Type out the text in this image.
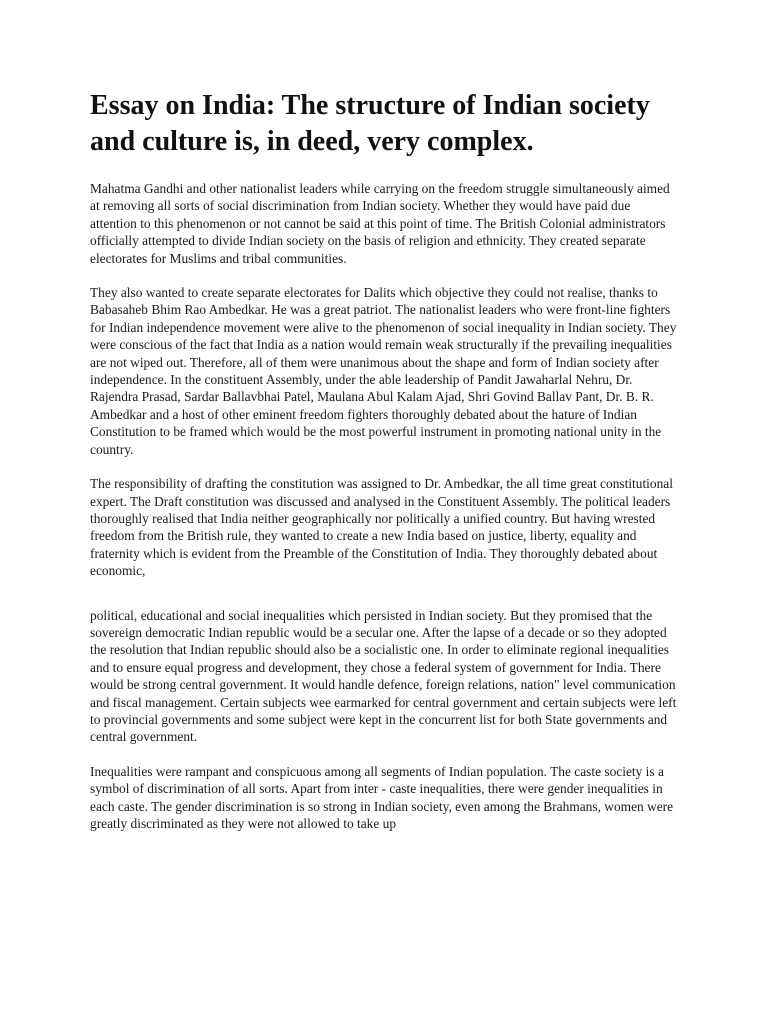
Essay on India: The structure of Indian society and culture is, in deed, very complex.

Mahatma Gandhi and other nationalist leaders while carrying on the freedom struggle simultaneously aimed at removing all sorts of social discrimination from Indian society. Whether they would have paid due attention to this phenomenon or not cannot be said at this point of time. The British Colonial administrators officially attempted to divide Indian society on the basis of religion and ethnicity. They created separate electorates for Muslims and tribal communities.

They also wanted to create separate electorates for Dalits which objective they could not realise, thanks to Babasaheb Bhim Rao Ambedkar. He was a great patriot. The nationalist leaders who were front-line fighters for Indian independence movement were alive to the phenomenon of social inequality in Indian society. They were conscious of the fact that India as a nation would remain weak structurally if the prevailing inequalities are not wiped out. Therefore, all of them were unanimous about the shape and form of Indian society after independence. In the constituent Assembly, under the able leadership of Pandit Jawaharlal Nehru, Dr. Rajendra Prasad, Sardar Ballavbhai Patel, Maulana Abul Kalam Ajad, Shri Govind Ballav Pant, Dr. B. R. Ambedkar and a host of other eminent freedom fighters thoroughly debated about the hature of Indian Constitution to be framed which would be the most powerful instrument in promoting national unity in the country.

The responsibility of drafting the constitution was assigned to Dr. Ambedkar, the all time great constitutional expert. The Draft constitution was discussed and analysed in the Constituent Assembly. The political leaders thoroughly realised that India neither geographically nor politically a unified country. But having wrested freedom from the British rule, they wanted to create a new India based on justice, liberty, equality and fraternity which is evident from the Preamble of the Constitution of India. They thoroughly debated about economic,

political, educational and social inequalities which persisted in Indian society. But they promised that the sovereign democratic Indian republic would be a secular one. After the lapse of a decade or so they adopted the resolution that Indian republic should also be a socialistic one. In order to eliminate regional inequalities and to ensure equal progress and development, they chose a federal system of government for India. There would be strong central government. It would handle defence, foreign relations, nation" level communication and fiscal management. Certain subjects wee earmarked for central government and certain subjects were left to provincial governments and some subject were kept in the concurrent list for both State governments and central government.

Inequalities were rampant and conspicuous among all segments of Indian population. The caste society is a symbol of discrimination of all sorts. Apart from inter - caste inequalities, there were gender inequalities in each caste. The gender discrimination is so strong in Indian society, even among the Brahmans, women were greatly discriminated as they were not allowed to take up
